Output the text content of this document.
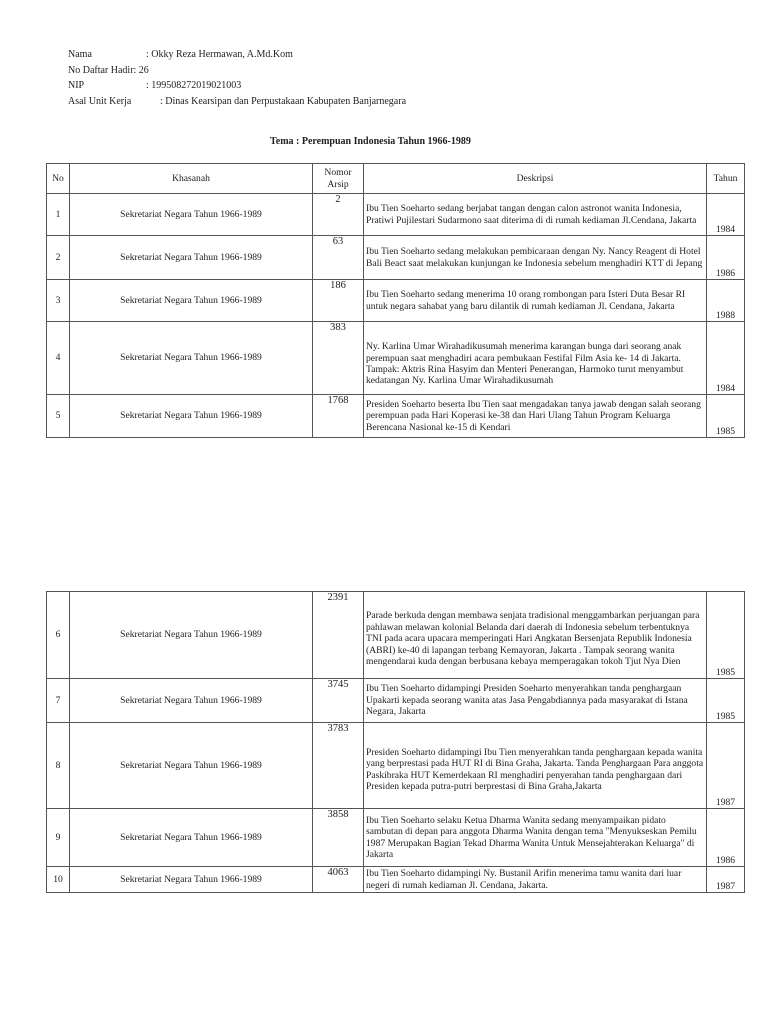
Nama	: Okky Reza Hermawan, A.Md.Kom
No Daftar Hadir : 26
NIP	: 199508272019021003
Asal Unit Kerja	: Dinas Kearsipan dan Perpustakaan Kabupaten Banjarnegara
Tema : Perempuan Indonesia Tahun 1966-1989
No	Khasanah	Nomor Arsip	Deskripsi	Tahun
1	Sekretariat Negara Tahun 1966-1989	2	Ibu Tien Soeharto sedang berjabat tangan dengan calon astronot wanita Indonesia, Pratiwi Pujilestari Sudarmono saat diterima di di rumah kediaman Jl.Cendana, Jakarta	1984
2	Sekretariat Negara Tahun 1966-1989	63	Ibu Tien Soeharto sedang melakukan pembicaraan dengan Ny. Nancy Reagent di Hotel Bali Beact saat melakukan kunjungan ke Indonesia sebelum menghadiri KTT di Jepang	1986
3	Sekretariat Negara Tahun 1966-1989	186	Ibu Tien Soeharto sedang menerima 10 orang rombongan para Isteri Duta Besar RI untuk negara sahabat yang baru dilantik di rumah kediaman Jl. Cendana, Jakarta	1988
4	Sekretariat Negara Tahun 1966-1989	383	Ny. Karlina Umar Wirahadikusumah menerima karangan bunga dari seorang anak perempuan saat menghadiri acara pembukaan Festifal Film Asia ke- 14 di Jakarta. Tampak: Aktris Rina Hasyim dan Menteri Penerangan, Harmoko turut menyambut kedatangan Ny. Karlina Umar Wirahadikusumah	1984
5	Sekretariat Negara Tahun 1966-1989	1768	Presiden Soeharto beserta Ibu Tien saat mengadakan tanya jawab dengan salah seorang perempuan pada Hari Koperasi ke-38 dan Hari Ulang Tahun Program Keluarga Berencana Nasional ke-15 di Kendari	1985
6	Sekretariat Negara Tahun 1966-1989	2391	Parade berkuda dengan membawa senjata tradisional menggambarkan perjuangan para pahlawan melawan kolonial Belanda dari daerah di Indonesia sebelum terbentuknya TNI pada acara upacara memperingati Hari Angkatan Bersenjata Republik Indonesia (ABRI) ke-40 di lapangan terbang Kemayoran, Jakarta . Tampak seorang wanita mengendarai kuda dengan berbusana kebaya memperagakan tokoh Tjut Nya Dien	1985
7	Sekretariat Negara Tahun 1966-1989	3745	Ibu Tien Soeharto didampingi Presiden Soeharto menyerahkan tanda penghargaan Upakarti kepada seorang wanita atas Jasa Pengabdiannya pada masyarakat di Istana Negara, Jakarta	1985
8	Sekretariat Negara Tahun 1966-1989	3783	Presiden Soeharto didampingi Ibu Tien menyerahkan tanda penghargaan kepada wanita yang berprestasi pada HUT RI di Bina Graha, Jakarta. Tanda Penghargaan Para anggota Paskibraka HUT Kemerdekaan RI menghadiri penyerahan tanda penghargaan dari Presiden kepada putra-putri berprestasi di Bina Graha,Jakarta	1987
9	Sekretariat Negara Tahun 1966-1989	3858	Ibu Tien Soeharto selaku Ketua Dharma Wanita sedang menyampaikan pidato sambutan di depan para anggota Dharma Wanita dengan tema "Menyukseskan Pemilu 1987 Merupakan Bagian Tekad Dharma Wanita Untuk Mensejahterakan Keluarga" di Jakarta	1986
10	Sekretariat Negara Tahun 1966-1989	4063	Ibu Tien Soeharto didampingi Ny. Bustanil Arifin menerima tamu wanita dari luar negeri di rumah kediaman Jl. Cendana, Jakarta.	1987
